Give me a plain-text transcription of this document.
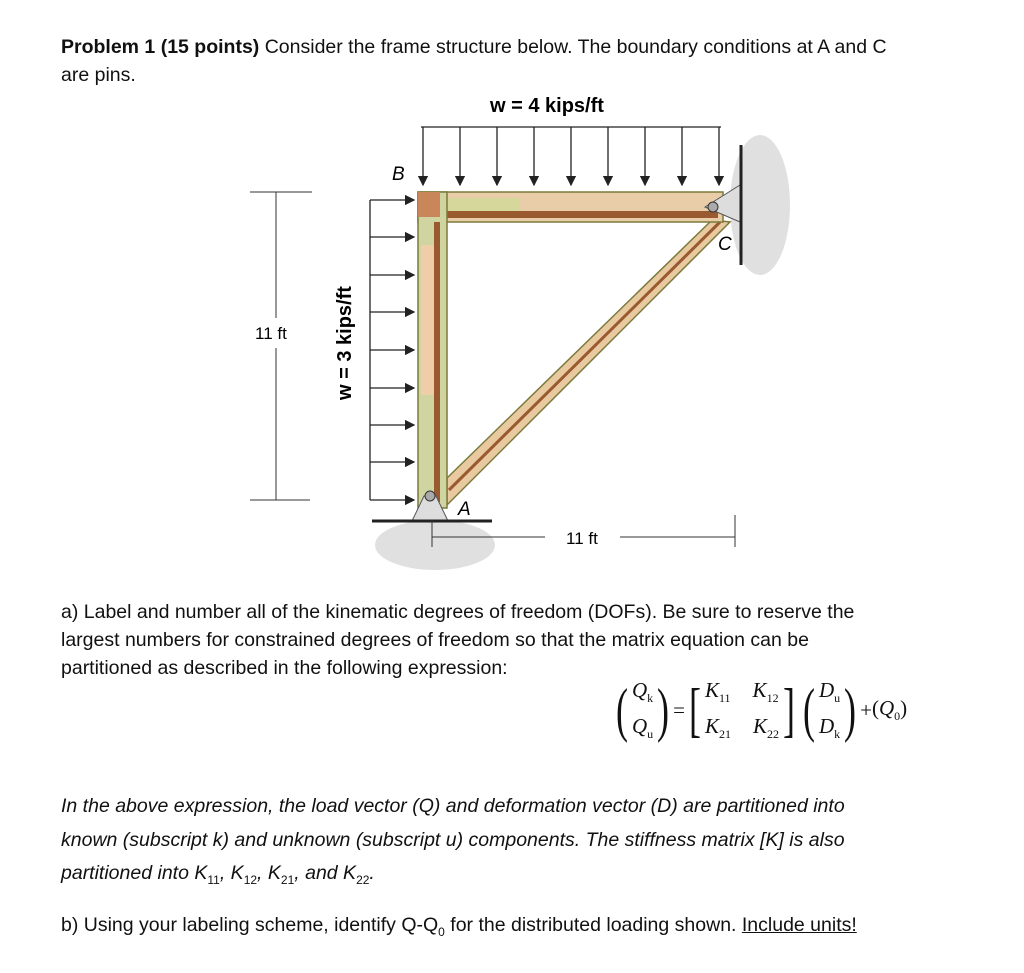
Problem 1 (15 points) Consider the frame structure below. The boundary conditions at A and C
are pins.
w = 4 kips/ft
w = 3 kips/ft
11 ft
11 ft
B
C
A
a) Label and number all of the kinematic degrees of freedom (DOFs). Be sure to reserve the
largest numbers for constrained degrees of freedom so that the matrix equation can be
partitioned as described in the following expression:
( $Q_k$
$Q_u$ ) = [ $K_{11}$ $K_{12}$
$K_{21}$ $K_{22}$ ] ( $D_u$
$D_k$ ) + $(Q_0)$
In the above expression, the load vector (Q) and deformation vector (D) are partitioned into
known (subscript k) and unknown (subscript u) components. The stiffness matrix [K] is also
partitioned into $K_{11}$, $K_{12}$, $K_{21}$, and $K_{22}$.
b) Using your labeling scheme, identify $Q-Q_0$ for the distributed loading shown. Include units!
